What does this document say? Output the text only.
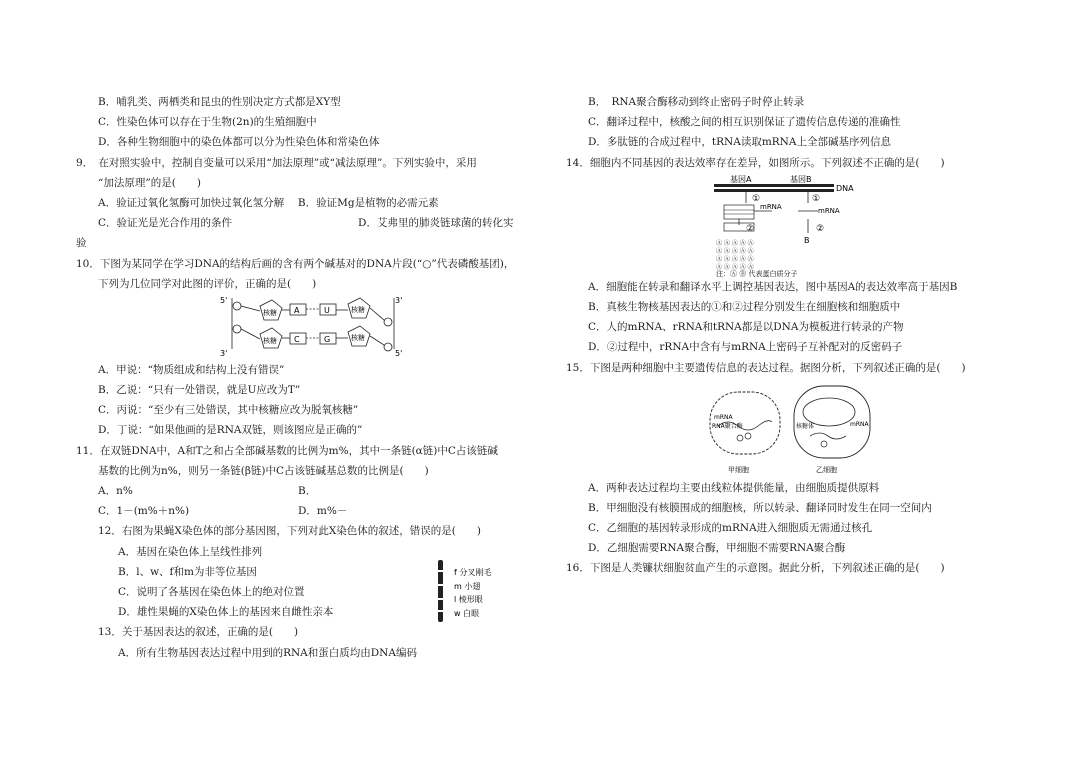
B．哺乳类、两栖类和昆虫的性别决定方式都是XY型
C．性染色体可以存在于生物(2n)的生殖细胞中
D．各种生物细胞中的染色体都可以分为性染色体和常染色体
9．　在对照实验中，控制自变量可以采用“加法原理”或“减法原理”。下列实验中，采用
“加法原理”的是(　　)
A．验证过氧化氢酶可加快过氧化氢分解　 B．验证Mg是植物的必需元素
C．验证光是光合作用的条件　　　　　　　　　　　　D．艾弗里的肺炎链球菌的转化实
验
10．下图为某同学在学习DNA的结构后画的含有两个碱基对的DNA片段(“○”代表磷酸基团)，
下列为几位同学对此图的评价，正确的是(　　)
5'	3'
3'	5'
核糖
核糖
核糖
核糖
A	U
C	G
A．甲说：“物质组成和结构上没有错误”
B．乙说：“只有一处错误，就是U应改为T”
C．丙说：“至少有三处错误，其中核糖应改为脱氧核糖”
D．丁说：“如果他画的是RNA双链，则该图应是正确的”
11．在双链DNA中，A和T之和占全部碱基数的比例为m%，其中一条链(α链)中C占该链碱
基数的比例为n%，则另一条链(β链)中C占该链碱基总数的比例是(　　)
A．n%	B．
C．1－(m%＋n%)	D．m%－
12．右图为果蝇X染色体的部分基因图，下列对此X染色体的叙述，错误的是(　　)
A．基因在染色体上呈线性排列
B．l、w、f和m为非等位基因
C．说明了各基因在染色体上的绝对位置
D．雄性果蝇的X染色体上的基因来自雌性亲本
13．关于基因表达的叙述，正确的是(　　)
A．所有生物基因表达过程中用到的RNA和蛋白质均由DNA编码
B．　RNA聚合酶移动到终止密码子时停止转录
C．翻译过程中，核酸之间的相互识别保证了遗传信息传递的准确性
D．多肽链的合成过程中，tRNA读取mRNA上全部碱基序列信息
14．细胞内不同基因的表达效率存在差异，如图所示。下列叙述不正确的是(　　)
基因A	基因B
DNA
①	①
mRNA	mRNA
②	②
B
Ⓐ Ⓐ Ⓐ Ⓐ Ⓐ
Ⓐ Ⓐ Ⓐ Ⓐ Ⓐ
Ⓐ Ⓐ Ⓐ Ⓐ Ⓐ
Ⓐ Ⓐ Ⓐ Ⓐ Ⓐ
注：Ⓐ Ⓑ 代表蛋白质分子
A．细胞能在转录和翻译水平上调控基因表达，图中基因A的表达效率高于基因B
B．真核生物核基因表达的①和②过程分别发生在细胞核和细胞质中
C．人的mRNA、rRNA和tRNA都是以DNA为模板进行转录的产物
D．②过程中，rRNA中含有与mRNA上密码子互补配对的反密码子
15．下图是两种细胞中主要遗传信息的表达过程。据图分析，下列叙述正确的是(　　)
mRNA
RNA聚合酶	核糖体	mRNA
甲细胞	乙细胞
A．两种表达过程均主要由线粒体提供能量，由细胞质提供原料
B．甲细胞没有核膜围成的细胞核，所以转录、翻译同时发生在同一空间内
C．乙细胞的基因转录形成的mRNA进入细胞质无需通过核孔
D．乙细胞需要RNA聚合酶，甲细胞不需要RNA聚合酶
16．下图是人类镰状细胞贫血产生的示意图。据此分析，下列叙述正确的是(　　)
f 分叉刚毛
m 小翅
l 棱形眼
w 白眼
